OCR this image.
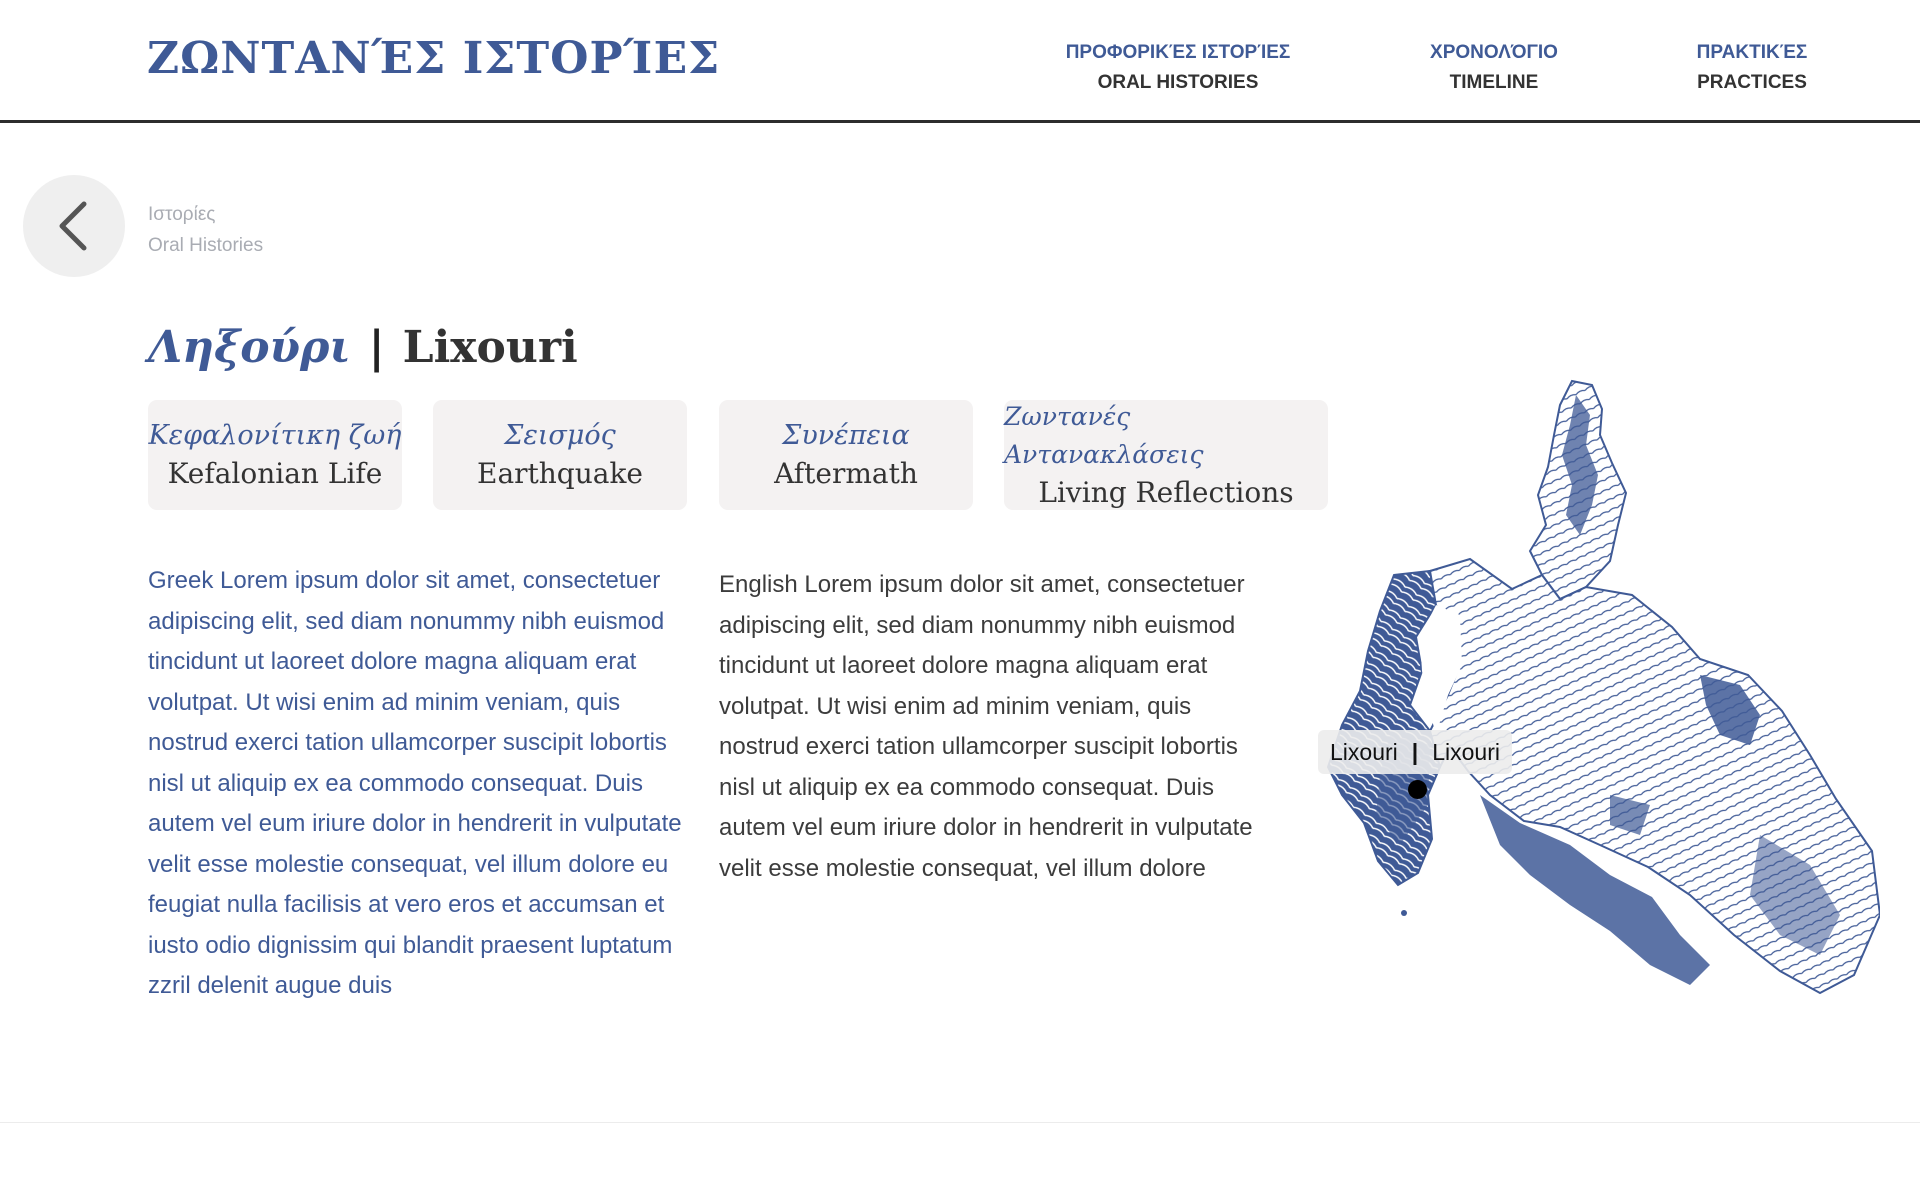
ΖΩΝΤΑΝΈΣ ΙΣΤΟΡΊΕΣ	ΠΡΟΦΟΡΙΚΈΣ ΙΣΤΟΡΊΕΣ
ORAL HISTORIES
ΧΡΟΝΟΛΌΓΙΟ
TIMELINE
ΠΡΑΚΤΙΚΈΣ
PRACTICES
Ιστορίες
Oral Histories
Ληξούρι | Lixouri
Κεφαλονίτικη ζωή
Kefalonian Life
Σεισμός
Earthquake
Συνέπεια
Aftermath
Ζωντανές Αντανακλάσεις
Living Reflections

Greek Lorem ipsum dolor sit amet, consectetuer adipiscing elit, sed diam nonummy nibh euismod tincidunt ut laoreet dolore magna aliquam erat volutpat. Ut wisi enim ad minim veniam, quis nostrud exerci tation ullamcorper suscipit lobortis nisl ut aliquip ex ea commodo consequat. Duis autem vel eum iriure dolor in hendrerit in vulputate velit esse molestie consequat, vel illum dolore eu feugiat nulla facilisis at vero eros et accumsan et iusto odio dignissim qui blandit praesent luptatum zzril delenit augue duis

English Lorem ipsum dolor sit amet, consectetuer adipiscing elit, sed diam nonummy nibh euismod tincidunt ut laoreet dolore magna aliquam erat volutpat. Ut wisi enim ad minim veniam, quis nostrud exerci tation ullamcorper suscipit lobortis nisl ut aliquip ex ea commodo consequat. Duis autem vel eum iriure dolor in hendrerit in vulputate velit esse molestie consequat, vel illum dolore

Lixouri | Lixouri
